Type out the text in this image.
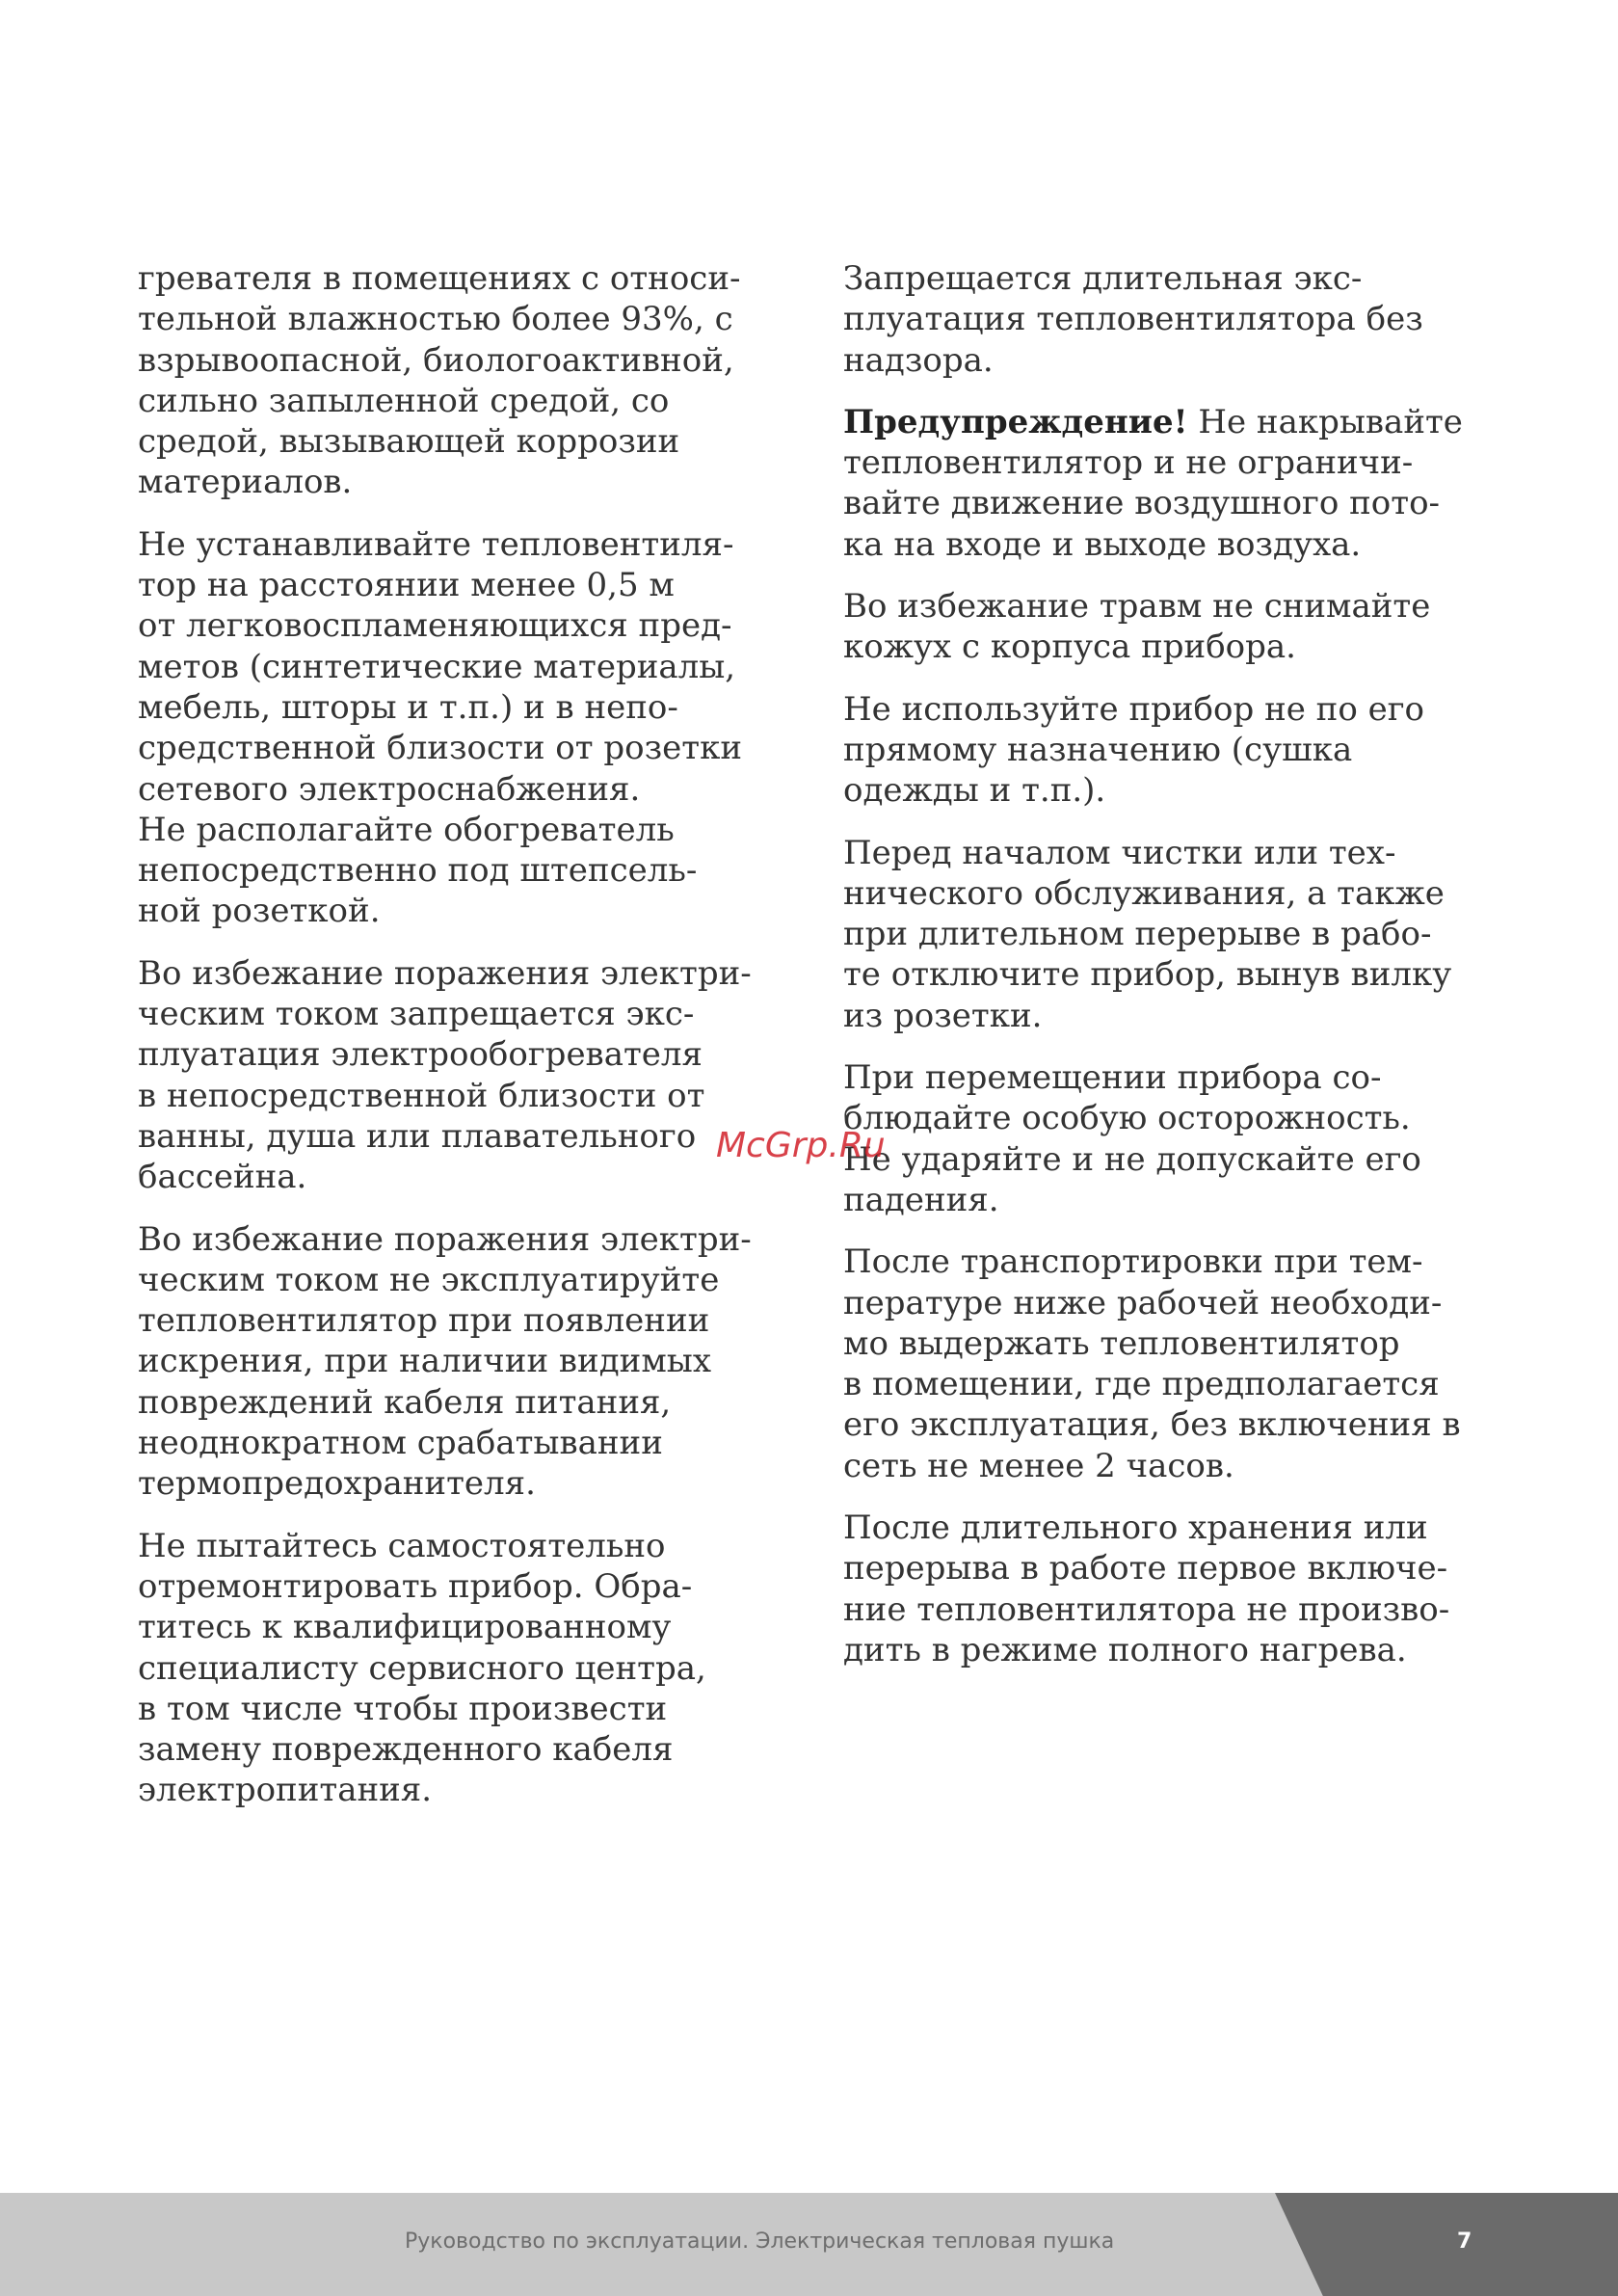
гревателя в помещениях с относи-
тельной влажностью более 93%, с
взрывоопасной, биологоактивной,
сильно запыленной средой, со
средой, вызывающей коррозии
материалов.

Не устанавливайте тепловентиля-
тор на расстоянии менее 0,5 м
от легковоспламеняющихся пред-
метов (синтетические материалы,
мебель, шторы и т.п.) и в непо-
средственной близости от розетки
сетевого электроснабжения.
Не располагайте обогреватель
непосредственно под штепсель-
ной розеткой.

Во избежание поражения электри-
ческим током запрещается экс-
плуатация электрообогревателя
в непосредственной близости от
ванны, душа или плавательного
бассейна.

Во избежание поражения электри-
ческим током не эксплуатируйте
тепловентилятор при появлении
искрения, при наличии видимых
повреждений кабеля питания,
неоднократном срабатывании
термопредохранителя.

Не пытайтесь самостоятельно
отремонтировать прибор. Обра-
титесь к квалифицированному
специалисту сервисного центра,
в том числе чтобы произвести
замену поврежденного кабеля
электропитания.

Запрещается длительная экс-
плуатация тепловентилятора без
надзора.

Предупреждение! Не накрывайте
тепловентилятор и не ограничи-
вайте движение воздушного пото-
ка на входе и выходе воздуха.

Во избежание травм не снимайте
кожух с корпуса прибора.

Не используйте прибор не по его
прямому назначению (сушка
одежды и т.п.).

Перед началом чистки или тех-
нического обслуживания, а также
при длительном перерыве в рабо-
те отключите прибор, вынув вилку
из розетки.

При перемещении прибора со-
блюдайте особую осторожность.
Не ударяйте и не допускайте его
падения.

После транспортировки при тем-
пературе ниже рабочей необходи-
мо выдержать тепловентилятор
в помещении, где предполагается
его эксплуатация, без включения в
сеть не менее 2 часов.

После длительного хранения или
перерыва в работе первое включе-
ние тепловентилятора не произво-
дить в режиме полного нагрева.

McGrp.Ru
Руководство по эксплуатации. Электрическая тепловая пушка	7
